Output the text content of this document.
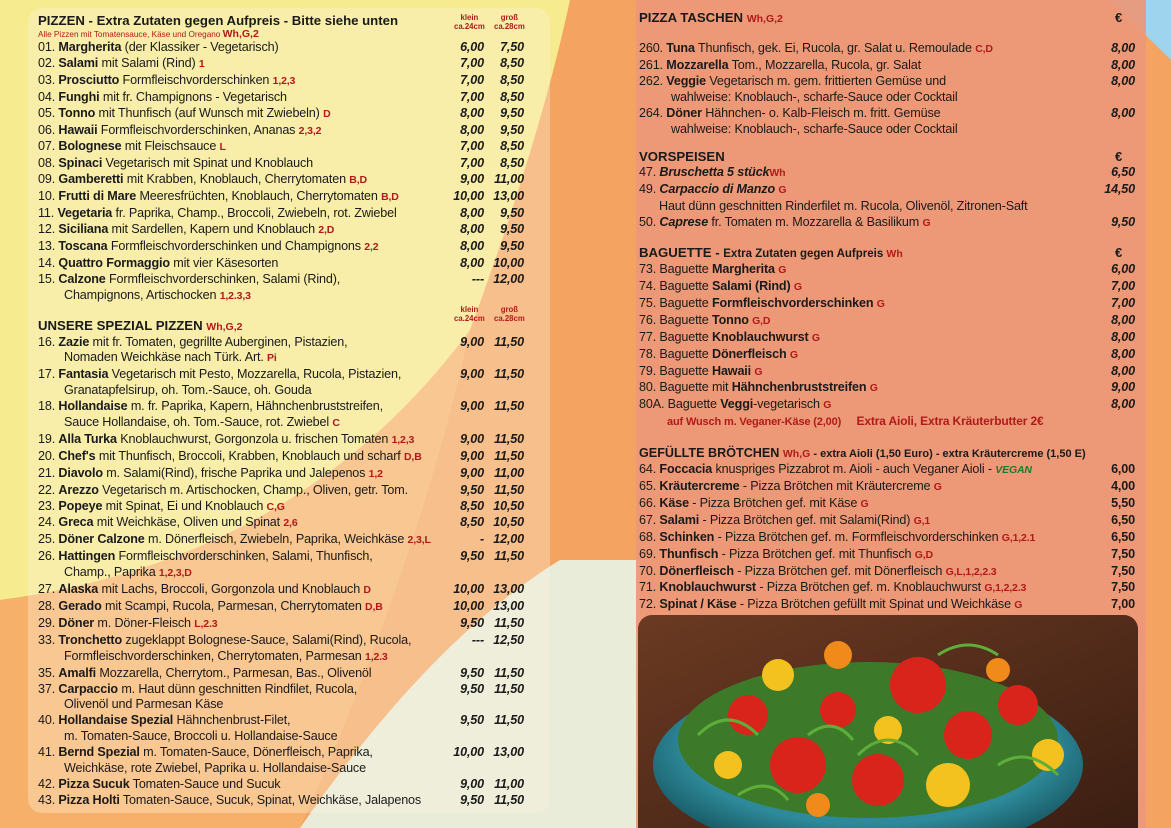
PIZZEN - Extra Zutaten gegen Aufpreis - Bitte siehe unten	klein
ca.24cm
groß
ca.28cm
Alle Pizzen mit Tomatensauce, Käse und Oregano Wh,G,2
01. Margherita (der Klassiker - Vegetarisch)	6,00	7,50
02. Salami mit Salami (Rind) 1	7,00	8,50
03. Prosciutto Formfleischvorderschinken 1,2,3	7,00	8,50
04. Funghi mit fr. Champignons - Vegetarisch	7,00	8,50
05. Tonno mit Thunfisch (auf Wunsch mit Zwiebeln) D	8,00	9,50
06. Hawaii Formfleischvorderschinken, Ananas 2,3,2	8,00	9,50
07. Bolognese mit Fleischsauce L	7,00	8,50
08. Spinaci Vegetarisch mit Spinat und Knoblauch	7,00	8,50
09. Gamberetti mit Krabben, Knoblauch, Cherrytomaten B,D	9,00 11,00
10. Frutti di Mare Meeresfrüchten, Knoblauch, Cherrytomaten B,D	10,00 13,00
11. Vegetaria fr. Paprika, Champ., Broccoli, Zwiebeln, rot. Zwiebel	8,00	9,50
12. Siciliana mit Sardellen, Kapern und Knoblauch 2,D	8,00	9,50
13. Toscana Formfleischvorderschinken und Champignons 2,2	8,00	9,50
14. Quattro Formaggio mit vier Käsesorten	8,00 10,00
15. Calzone Formfleischvorderschinken, Salami (Rind),	--- 12,00
Champignons, Artischocken 1,2.3,3
UNSERE SPEZIAL PIZZEN Wh,G,2
klein
ca.24cm
groß
ca.28cm
16. Zazie mit fr. Tomaten, gegrillte Auberginen, Pistazien,	9,00 11,50
Nomaden Weichkäse nach Türk. Art. Pi
17. Fantasia Vegetarisch mit Pesto, Mozzarella, Rucola, Pistazien,	9,00 11,50
Granatapfelsirup, oh. Tom.-Sauce, oh. Gouda
18. Hollandaise m. fr. Paprika, Kapern, Hähnchenbruststreifen,	9,00 11,50
Sauce Hollandaise, oh. Tom.-Sauce, rot. Zwiebel C
19. Alla Turka Knoblauchwurst, Gorgonzola u. frischen Tomaten 1,2,3	9,00 11,50
20. Chef's mit Thunfisch, Broccoli, Krabben, Knoblauch und scharf D,B	9,00 11,50
21. Diavolo m. Salami(Rind), frische Paprika und Jalepenos 1,2	9,00 11,00
22. Arezzo Vegetarisch m. Artischocken, Champ., Oliven, getr. Tom.	9,50 11,50
23. Popeye mit Spinat, Ei und Knoblauch C,G	8,50 10,50
24. Greca mit Weichkäse, Oliven und Spinat 2,6	8,50 10,50
25. Döner Calzone m. Dönerfleisch, Zwiebeln, Paprika, Weichkäse 2,3,L	- 12,00
26. Hattingen Formfleischvorderschinken, Salami, Thunfisch,	9,50 11,50
Champ., Paprika 1,2,3,D
27. Alaska mit Lachs, Broccoli, Gorgonzola und Knoblauch D	10,00 13,00
28. Gerado mit Scampi, Rucola, Parmesan, Cherrytomaten D,B	10,00 13,00
29. Döner m. Döner-Fleisch L,2.3	9,50 11,50
33. Tronchetto zugeklappt Bolognese-Sauce, Salami(Rind), Rucola,	--- 12,50
Formfleischvorderschinken, Cherrytomaten, Parmesan 1,2.3
35. Amalfi Mozzarella, Cherrytom., Parmesan, Bas., Olivenöl	9,50 11,50
37. Carpaccio m. Haut dünn geschnitten Rindfilet, Rucola,	9,50 11,50
Olivenöl und Parmesan Käse
40. Hollandaise Spezial Hähnchenbrust-Filet,	9,50 11,50
m. Tomaten-Sauce, Broccoli u. Hollandaise-Sauce
41. Bernd Spezial m. Tomaten-Sauce, Dönerfleisch, Paprika,	10,00 13,00
Weichkäse, rote Zwiebel, Paprika u. Hollandaise-Sauce
42. Pizza Sucuk Tomaten-Sauce und Sucuk	9,00 11,00
43. Pizza Holti Tomaten-Sauce, Sucuk, Spinat, Weichkäse, Jalapenos	9,50 11,50
PIZZA TASCHEN Wh,G,2	€
260. Tuna Thunfisch, gek. Ei, Rucola, gr. Salat u. Remoulade C,D	8,00
261. Mozzarella Tom., Mozzarella, Rucola, gr. Salat	8,00
262. Veggie Vegetarisch m. gem. frittierten Gemüse und	8,00
wahlweise: Knoblauch-, scharfe-Sauce oder Cocktail
264. Döner Hähnchen- o. Kalb-Fleisch m. fritt. Gemüse	8,00
wahlweise: Knoblauch-, scharfe-Sauce oder Cocktail
VORSPEISEN	€
47. Bruschetta 5 stückWh	6,50
49. Carpaccio di Manzo G	14,50
Haut dünn geschnitten Rinderfilet m. Rucola, Olivenöl, Zitronen-Saft
50. Caprese fr. Tomaten m. Mozzarella & Basilikum G	9,50
BAGUETTE - Extra Zutaten gegen Aufpreis Wh	€
73. Baguette Margherita G	6,00
74. Baguette Salami (Rind) G	7,00
75. Baguette Formfleischvorderschinken G	7,00
76. Baguette Tonno G,D	8,00
77. Baguette Knoblauchwurst G	8,00
78. Baguette Dönerfleisch G	8,00
79. Baguette Hawaii G	8,00
80. Baguette mit Hähnchenbruststreifen G	9,00
80A. Baguette Veggi-vegetarisch G	8,00
auf Wusch m. Veganer-Käse (2,00) Extra Aioli, Extra Kräuterbutter 2€
GEFÜLLTE BRÖTCHEN Wh,G - extra Aioli (1,50 Euro) - extra Kräutercreme (1,50 E)
64. Foccacia knuspriges Pizzabrot m. Aioli - auch Veganer Aioli - VEGAN	6,00
65. Kräutercreme - Pizza Brötchen mit Kräutercreme G	4,00
66. Käse - Pizza Brötchen gef. mit Käse G	5,50
67. Salami - Pizza Brötchen gef. mit Salami(Rind) G,1	6,50
68. Schinken - Pizza Brötchen gef. m. Formfleischvorderschinken G,1,2.1	6,50
69. Thunfisch - Pizza Brötchen gef. mit Thunfisch G,D	7,50
70. Dönerfleisch - Pizza Brötchen gef. mit Dönerfleisch G,L,1,2,2.3	7,50
71. Knoblauchwurst - Pizza Brötchen gef. m. Knoblauchwurst G,1,2,2.3	7,50
72. Spinat / Käse - Pizza Brötchen gefüllt mit Spinat und Weichkäse G	7,00
